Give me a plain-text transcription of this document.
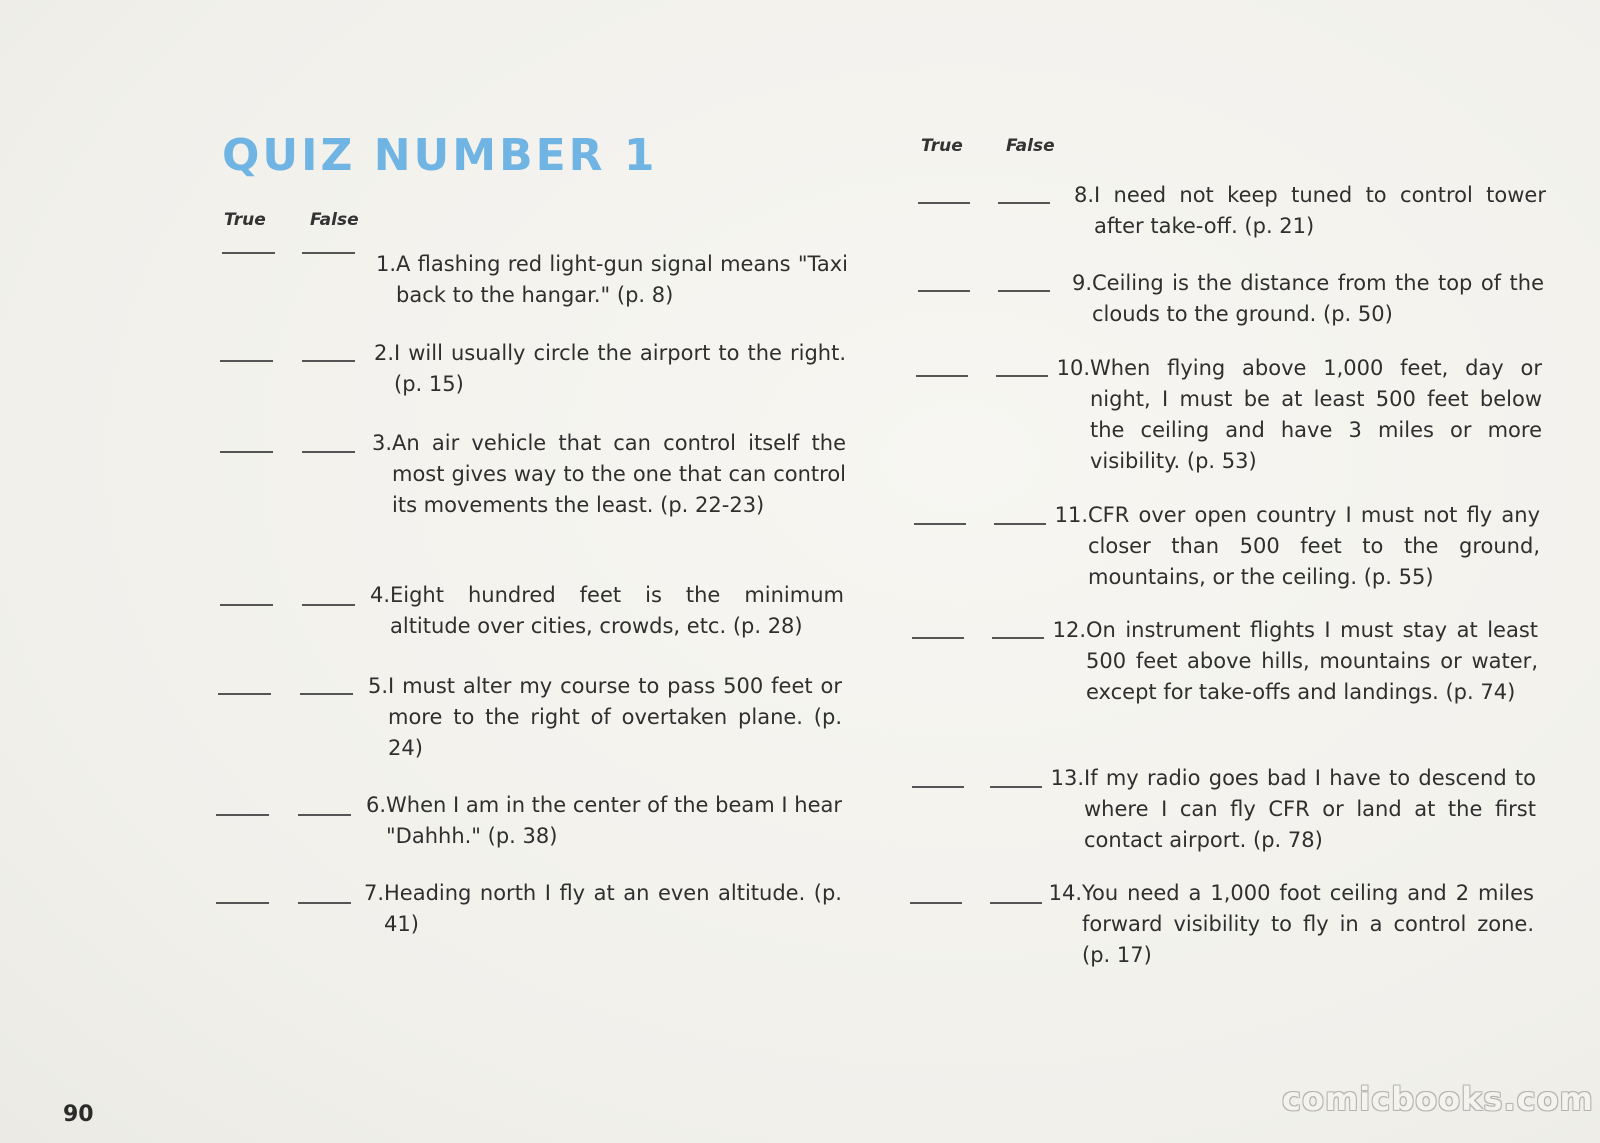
QUIZ NUMBER 1
True	False
True	False
1. A flashing red light-gun signal means "Taxi back to the hangar." (p. 8)
2. I will usually circle the airport to the right. (p. 15)
3. An air vehicle that can control itself the most gives way to the one that can control its movements the least. (p. 22-23)
4. Eight hundred feet is the minimum altitude over cities, crowds, etc. (p. 28)
5. I must alter my course to pass 500 feet or more to the right of overtaken plane. (p. 24)
6. When I am in the center of the beam I hear "Dahhh." (p. 38)
7. Heading north I fly at an even altitude. (p. 41)
8. I need not keep tuned to control tower after take-off. (p. 21)
9. Ceiling is the distance from the top of the clouds to the ground. (p. 50)
10. When flying above 1,000 feet, day or night, I must be at least 500 feet below the ceiling and have 3 miles or more visibility. (p. 53)
11. CFR over open country I must not fly any closer than 500 feet to the ground, mountains, or the ceiling. (p. 55)
12. On instrument flights I must stay at least 500 feet above hills, mountains or water, except for take-offs and landings. (p. 74)
13. If my radio goes bad I have to descend to where I can fly CFR or land at the first contact airport. (p. 78)
14. You need a 1,000 foot ceiling and 2 miles forward visibility to fly in a control zone. (p. 17)
90	comicbooks.com
